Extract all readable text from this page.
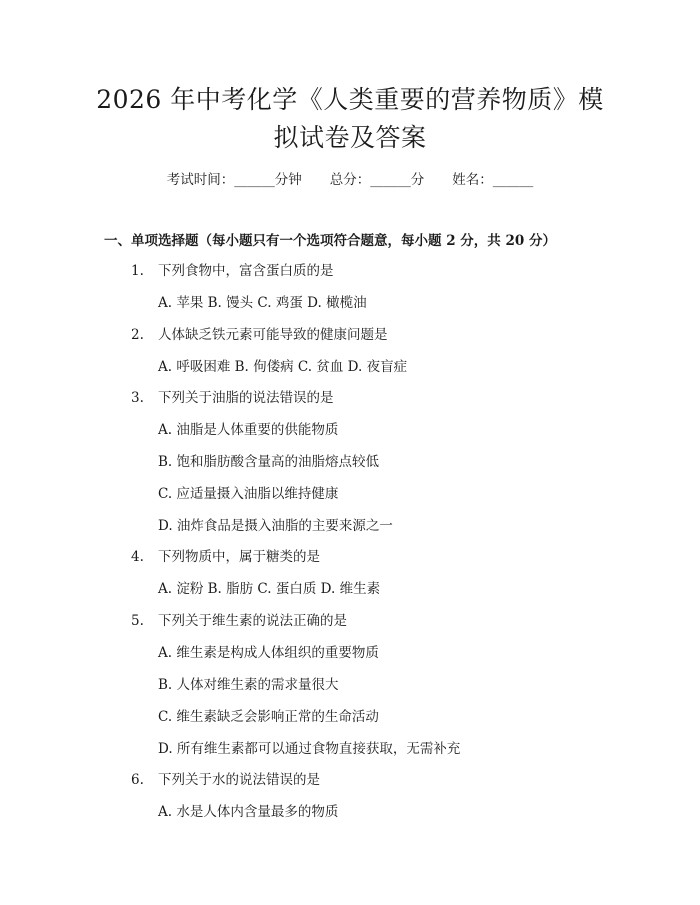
2026 年中考化学《人类重要的营养物质》模
拟试卷及答案
考试时间：______分钟 总分：______分 姓名：______
一、单项选择题（每小题只有一个选项符合题意，每小题 2 分，共 20 分）
1. 下列食物中，富含蛋白质的是
A. 苹果 B. 馒头 C. 鸡蛋 D. 橄榄油
2. 人体缺乏铁元素可能导致的健康问题是
A. 呼吸困难 B. 佝偻病 C. 贫血 D. 夜盲症
3. 下列关于油脂的说法错误的是
A. 油脂是人体重要的供能物质
B. 饱和脂肪酸含量高的油脂熔点较低
C. 应适量摄入油脂以维持健康
D. 油炸食品是摄入油脂的主要来源之一
4. 下列物质中，属于糖类的是
A. 淀粉 B. 脂肪 C. 蛋白质 D. 维生素
5. 下列关于维生素的说法正确的是
A. 维生素是构成人体组织的重要物质
B. 人体对维生素的需求量很大
C. 维生素缺乏会影响正常的生命活动
D. 所有维生素都可以通过食物直接获取，无需补充
6. 下列关于水的说法错误的是
A. 水是人体内含量最多的物质
